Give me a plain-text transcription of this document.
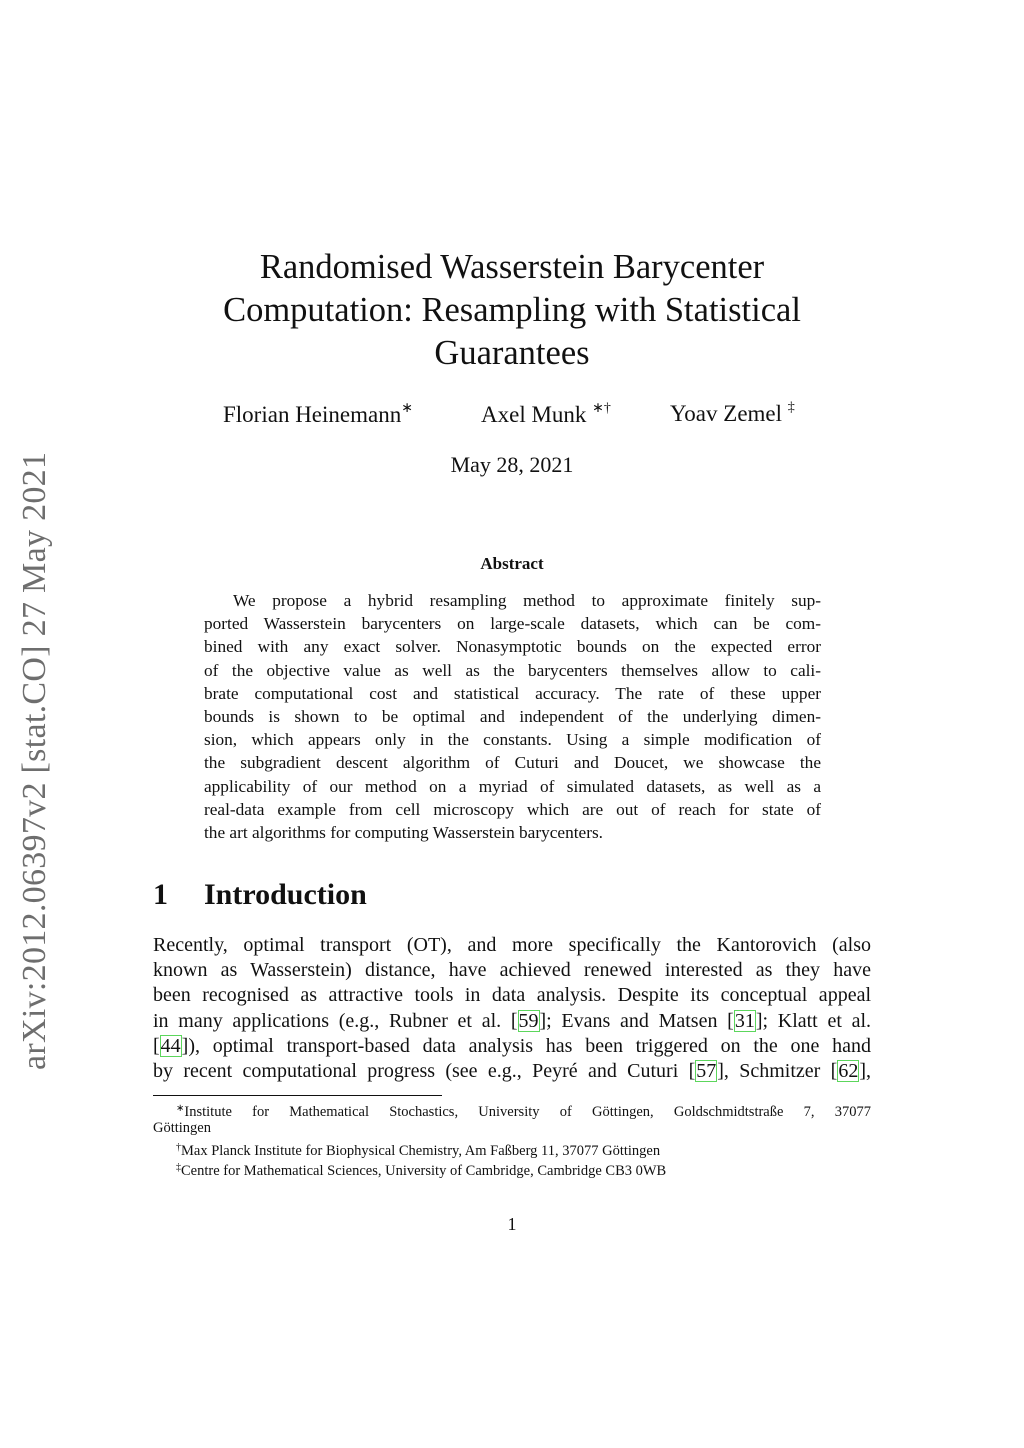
arXiv:2012.06397v2 [stat.CO] 27 May 2021
Randomised Wasserstein Barycenter
Computation: Resampling with Statistical
Guarantees
Florian Heinemann∗	Axel Munk ∗†	Yoav Zemel ‡
May 28, 2021
Abstract
We propose a hybrid resampling method to approximate finitely sup-
ported Wasserstein barycenters on large-scale datasets, which can be com-
bined with any exact solver. Nonasymptotic bounds on the expected error
of the objective value as well as the barycenters themselves allow to cali-
brate computational cost and statistical accuracy. The rate of these upper
bounds is shown to be optimal and independent of the underlying dimen-
sion, which appears only in the constants. Using a simple modification of
the subgradient descent algorithm of Cuturi and Doucet, we showcase the
applicability of our method on a myriad of simulated datasets, as well as a
real-data example from cell microscopy which are out of reach for state of
the art algorithms for computing Wasserstein barycenters.
1 Introduction
Recently, optimal transport (OT), and more specifically the Kantorovich (also
known as Wasserstein) distance, have achieved renewed interested as they have
been recognised as attractive tools in data analysis. Despite its conceptual appeal
in many applications (e.g., Rubner et al. [59]; Evans and Matsen [31]; Klatt et al.
[44]), optimal transport-based data analysis has been triggered on the one hand
by recent computational progress (see e.g., Peyré and Cuturi [57], Schmitzer [62],
∗Institute for Mathematical Stochastics, University of Göttingen, Goldschmidtstraße 7, 37077
Göttingen
†Max Planck Institute for Biophysical Chemistry, Am Faßberg 11, 37077 Göttingen
‡Centre for Mathematical Sciences, University of Cambridge, Cambridge CB3 0WB
1
